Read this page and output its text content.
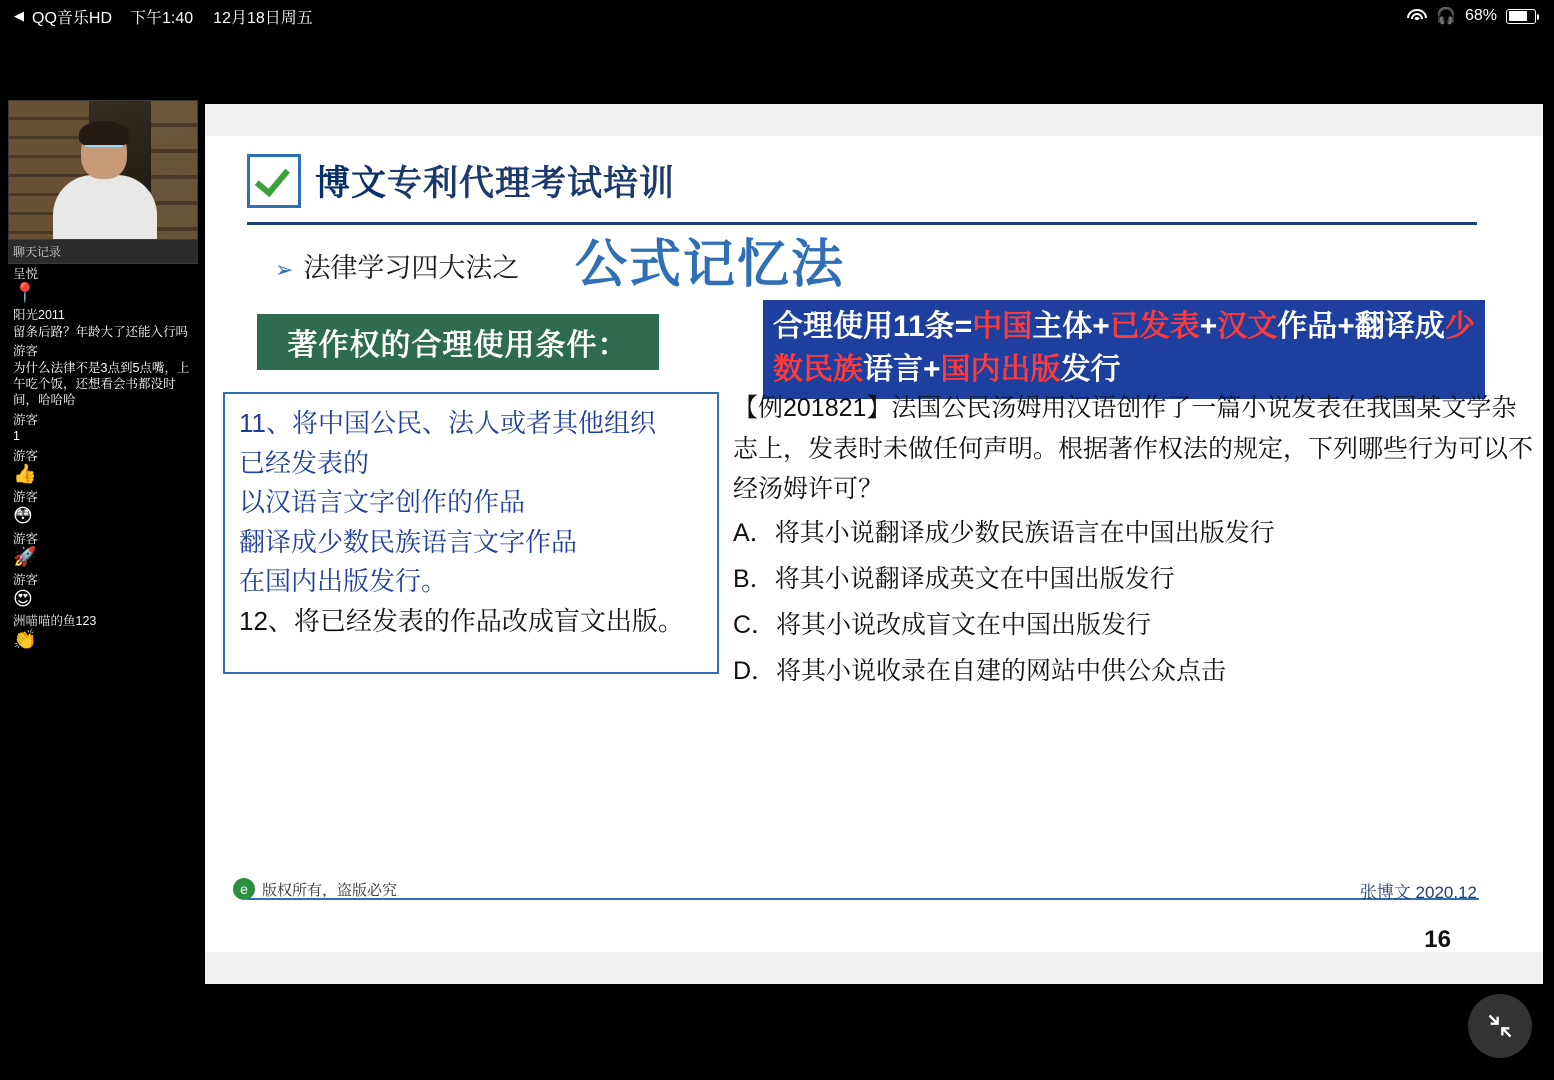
◀ QQ音乐HD 下午1:40 12月18日周五	🎧 68%
聊天记录
呈悦
📍
阳光2011
留条后路？年龄大了还能入行吗
游客
为什么法律不是3点到5点嘴，上午吃个饭，还想看会书都没时间，哈哈哈
游客
1
游客
👍
游客
😳
游客
🚀
游客
😍
洲喵喵的鱼123
👏
博文专利代理考试培训
➢ 法律学习四大法之 公式记忆法
著作权的合理使用条件：
合理使用11条=中国主体+已发表+汉文作品+翻译成少数民族语言+国内出版发行

11、将中国公民、法人或者其他组织

已经发表的

以汉语言文字创作的作品

翻译成少数民族语言文字作品

在国内出版发行。

12、将已经发表的作品改成盲文出版。

【例201821】法国公民汤姆用汉语创作了一篇小说发表在我国某文学杂志上，发表时未做任何声明。根据著作权法的规定，下列哪些行为可以不经汤姆许可？
A．将其小说翻译成少数民族语言在中国出版发行
B．将其小说翻译成英文在中国出版发行
C．将其小说改成盲文在中国出版发行
D．将其小说收录在自建的网站中供公众点击
e 版权所有，盗版必究	张博文 2020.12
16
